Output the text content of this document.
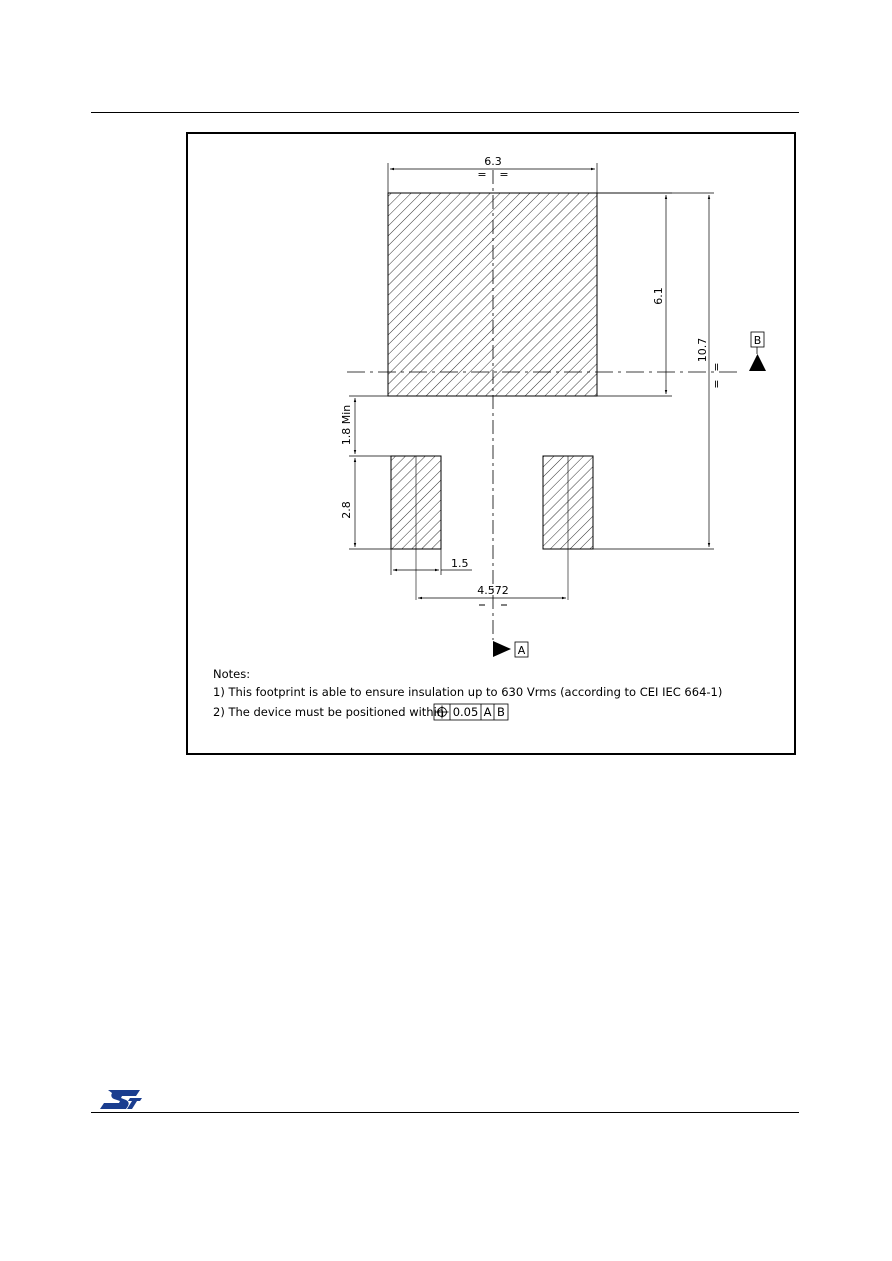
6.3
= =
6.1
10.7
=
=
1.8 Min
2.8
1.5
4.572
A
B
Notes:
1) This footprint is able to ensure insulation up to 630 Vrms (according to CEI IEC 664-1)
2) The device must be positioned within 0.05 A B
